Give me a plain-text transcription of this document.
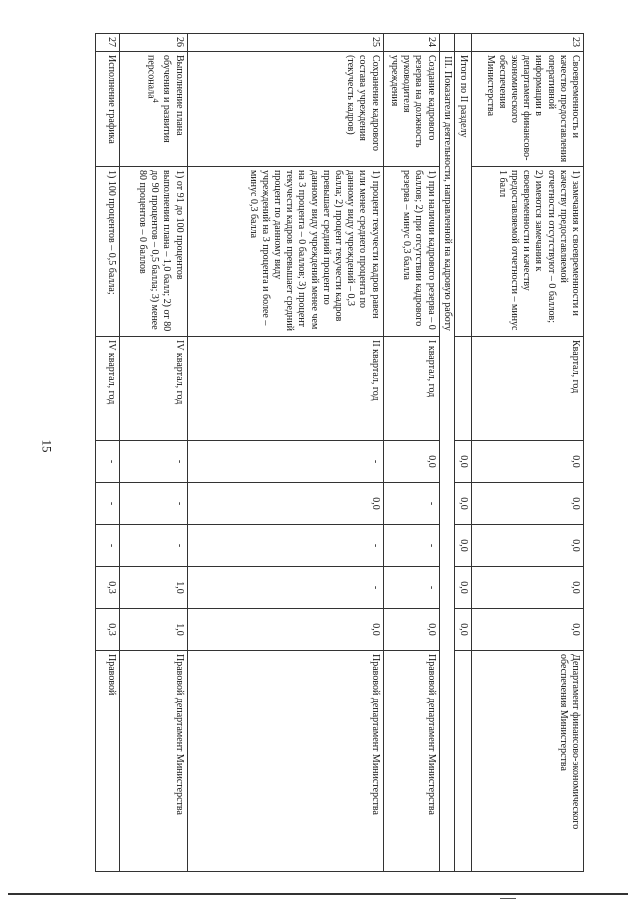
15
23	Своевременность и качество предоставления оперативной информации в департамент финансово-экономического обеспечения Министерства	1) замечания к своевременности и качеству предоставляемой отчетности отсутствуют – 0 баллов; 2) имеются замечания к своевременности и качеству предоставляемой отчетности – минус 1 балл	Квартал, год	0,0	0,0	0,0	0,0	0,0	Департамент финансово-экономического обеспечения Министерства
	Итого по II разделу			0,0	0,0	0,0	0,0	0,0	
	III. Показатели деятельности, направленной на кадровую работу								
24	Создание кадрового резерва на должность руководителя учреждения	1) при наличии кадрового резерва – 0 баллов; 2) при отсутствии кадрового резерва – минус 0,3 балла	I квартал, год	0,0	-	-	-	0,0	Правовой департамент Министерства
25	Сохранение кадрового состава учреждения (текучесть кадров)	1) процент текучести кадров равен или менее среднего процента по данному виду учреждений – 0,3 балла; 2) процент текучести кадров превышает средний процент по данному виду учреждений менее чем на 3 процента – 0 баллов; 3) процент текучести кадров превышает средний процент по данному виду учреждений на 3 процента и более – минус 0,3 балла	II квартал, год	-	0,0	-	-	0,0	Правовой департамент Министерства
26	Выполнение плана обучения и развития персонала$^4$	1) от 91 до 100 процентов выполнения плана – 1,0 балл; 2) от 80 до 90 процентов – 0,5 балла; 3) менее 80 процентов – 0 баллов	IV квартал, год	-	-	-	1,0	1,0	Правовой департамент Министерства
27	Исполнение графика	1) 100 процентов – 0,5 балла;	IV квартал, год	-	-	-	0,3	0,3	Правовой
